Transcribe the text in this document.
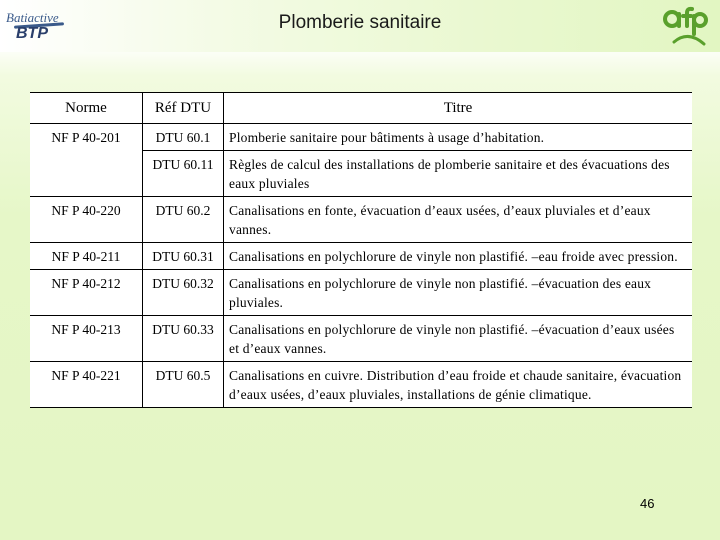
Batiactive
BTP
Plomberie sanitaire
Norme	Réf DTU	Titre
NF P 40-201	DTU 60.1	Plomberie sanitaire pour bâtiments à usage d’habitation.
	DTU 60.11	Règles de calcul des installations de plomberie sanitaire et des évacuations des eaux pluviales
NF P 40-220	DTU 60.2	Canalisations en fonte, évacuation d’eaux usées, d’eaux pluviales et d’eaux vannes.
NF P 40-211	DTU 60.31	Canalisations en polychlorure de vinyle non plastifié. –eau froide avec pression.
NF P 40-212	DTU 60.32	Canalisations en polychlorure de vinyle non plastifié. –évacuation des eaux pluviales.
NF P 40-213	DTU 60.33	Canalisations en polychlorure de vinyle non plastifié. –évacuation d’eaux usées et d’eaux vannes.
NF P 40-221	DTU 60.5	Canalisations en cuivre. Distribution d’eau froide et chaude sanitaire, évacuation d’eaux usées, d’eaux pluviales, installations de génie climatique.
46
